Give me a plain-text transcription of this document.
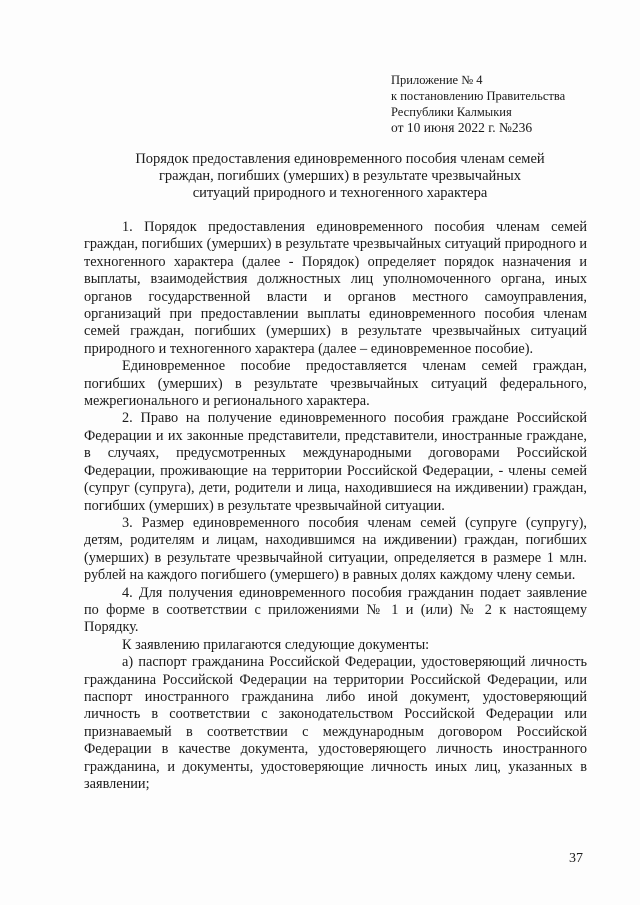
Приложение № 4
к постановлению Правительства
Республики Калмыкия
от 10 июня 2022 г. №236
Порядок предоставления единовременного пособия членам семей
граждан, погибших (умерших) в результате чрезвычайных
ситуаций природного и техногенного характера

1. Порядок предоставления единовременного пособия членам семей граждан, погибших (умерших) в результате чрезвычайных ситуаций природного и техногенного характера (далее - Порядок) определяет порядок назначения и выплаты, взаимодействия должностных лиц уполномоченного органа, иных органов государственной власти и органов местного самоуправления, организаций при предоставлении выплаты единовременного пособия членам семей граждан, погибших (умерших) в результате чрезвычайных ситуаций природного и техногенного характера (далее – единовременное пособие).

Единовременное пособие предоставляется членам семей граждан, погибших (умерших) в результате чрезвычайных ситуаций федерального, межрегионального и регионального характера.

2. Право на получение единовременного пособия граждане Российской Федерации и их законные представители, представители, иностранные граждане, в случаях, предусмотренных международными договорами Российской Федерации, проживающие на территории Российской Федерации, - члены семей (супруг (супруга), дети, родители и лица, находившиеся на иждивении) граждан, погибших (умерших) в результате чрезвычайной ситуации.

3. Размер единовременного пособия членам семей (супруге (супругу), детям, родителям и лицам, находившимся на иждивении) граждан, погибших (умерших) в результате чрезвычайной ситуации, определяется в размере 1 млн. рублей на каждого погибшего (умершего) в равных долях каждому члену семьи.

4. Для получения единовременного пособия гражданин подает заявление по форме в соответствии с приложениями № 1 и (или) № 2 к настоящему Порядку.

К заявлению прилагаются следующие документы:

а) паспорт гражданина Российской Федерации, удостоверяющий личность гражданина Российской Федерации на территории Российской Федерации, или паспорт иностранного гражданина либо иной документ, удостоверяющий личность в соответствии с законодательством Российской Федерации или признаваемый в соответствии с международным договором Российской Федерации в качестве документа, удостоверяющего личность иностранного гражданина, и документы, удостоверяющие личность иных лиц, указанных в заявлении;

37
